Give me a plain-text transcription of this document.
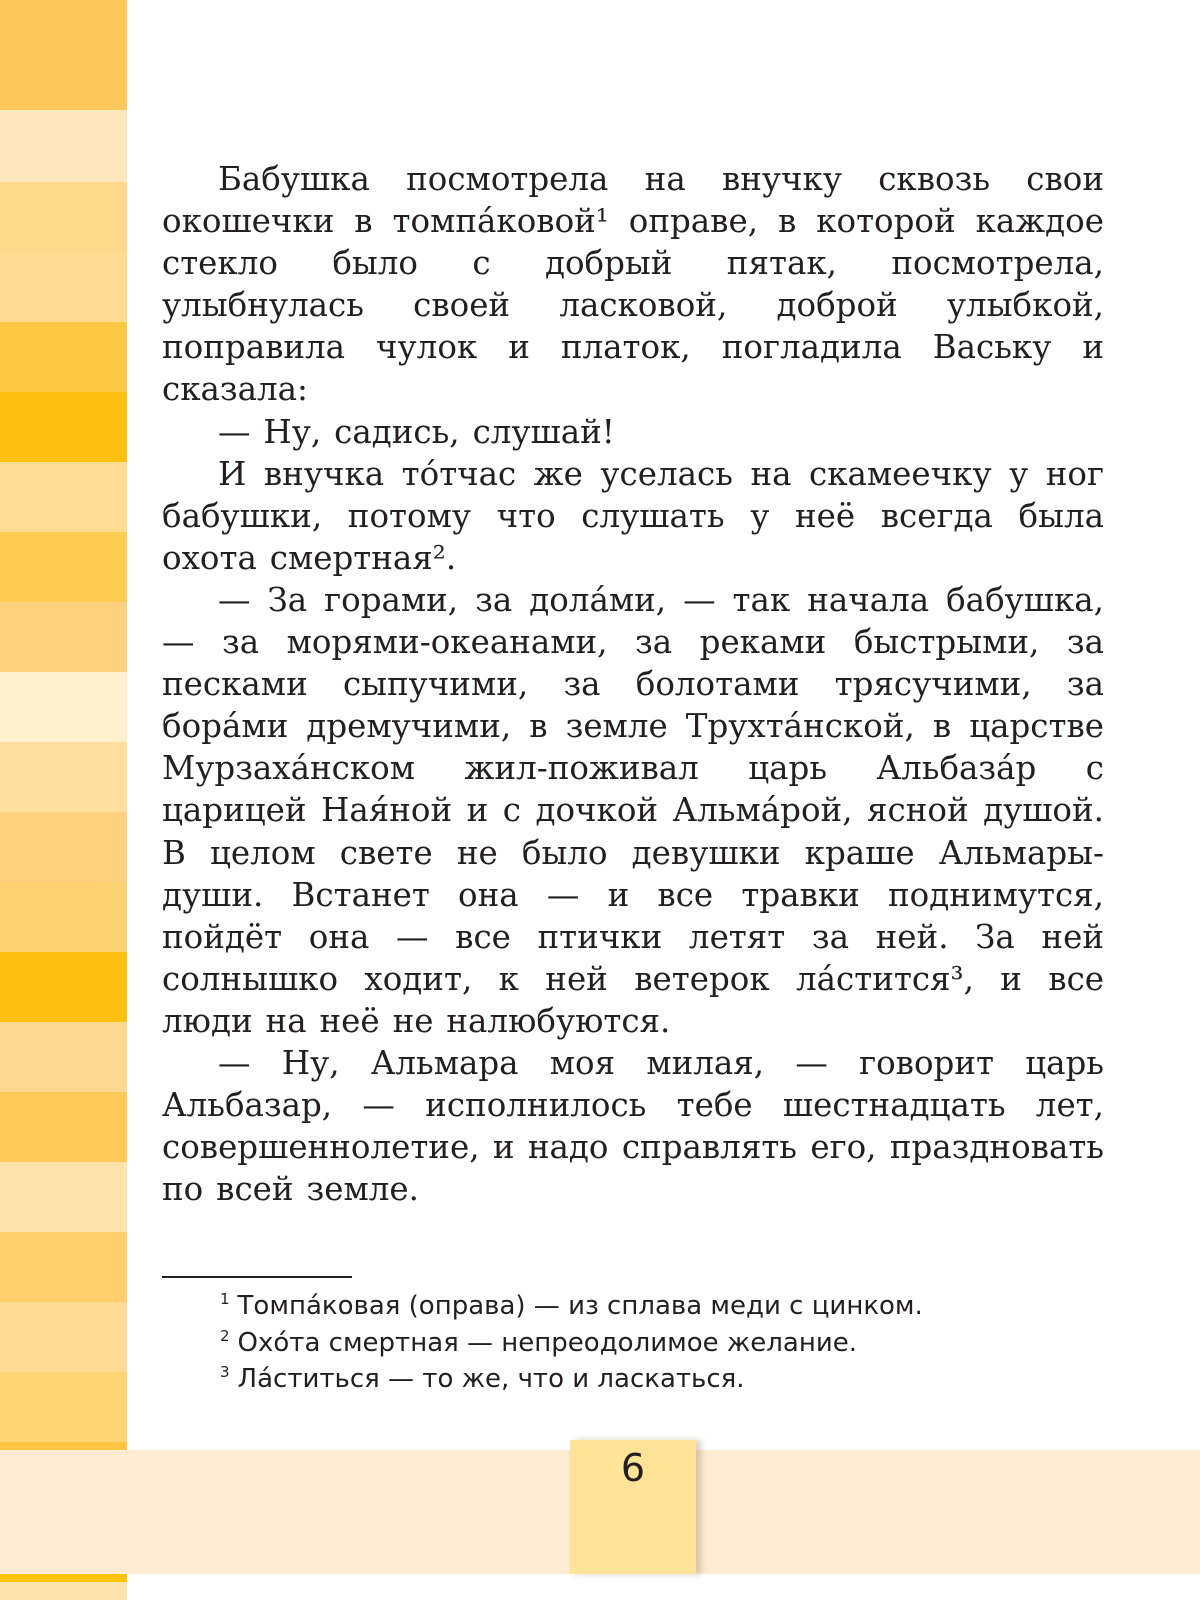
6

Бабушка посмотрела на внучку сквозь свои окошечки в томпа́ковой¹ оправе, в которой каждое стекло было с добрый пятак, посмотрела, улыбнулась своей ласковой, доброй улыбкой, поправила чулок и платок, погладила Ваську и сказала:

— Ну, садись, слушай!

И внучка то́тчас же уселась на скамеечку у ног бабушки, потому что слушать у неё всегда была охота смертная².

— За горами, за дола́ми, — так начала бабушка, — за морями-океанами, за реками быстрыми, за песками сыпучими, за болотами трясучими, за бора́ми дремучими, в земле Трухта́нской, в царстве Мурзаха́нском жил-поживал царь Альбаза́р с царицей Ная́ной и с дочкой Альма́рой, ясной душой. В целом свете не было девушки краше Альмары-души. Встанет она — и все травки поднимутся, пойдёт она — все птички летят за ней. За ней солнышко ходит, к ней ветерок ла́стится³, и все люди на неё не налюбуются.

— Ну, Альмара моя милая, — говорит царь Альбазар, — исполнилось тебе шестнадцать лет, совершеннолетие, и надо справлять его, праздновать по всей земле.

$^1$ Томпа́ковая (оправа) — из сплава меди с цинком.

$^2$ Охо́та смертная — непреодолимое желание.

$^3$ Ла́ститься — то же, что и ласкаться.
